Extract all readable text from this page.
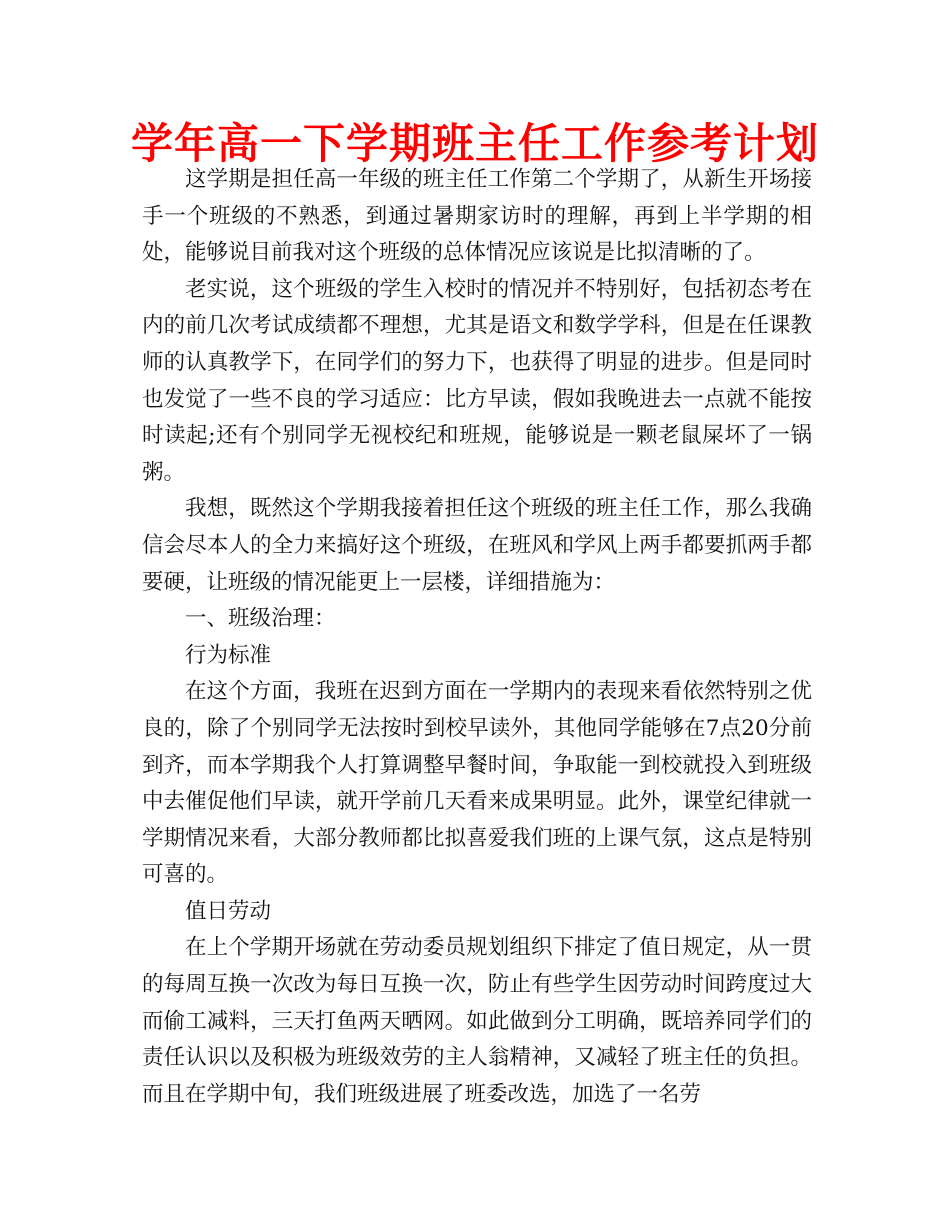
学年高一下学期班主任工作参考计划

这学期是担任高一年级的班主任工作第二个学期了，从新生开场接手一个班级的不熟悉，到通过暑期家访时的理解，再到上半学期的相处，能够说目前我对这个班级的总体情况应该说是比拟清晰的了。

老实说，这个班级的学生入校时的情况并不特别好，包括初态考在内的前几次考试成绩都不理想，尤其是语文和数学学科，但是在任课教师的认真教学下，在同学们的努力下，也获得了明显的进步。但是同时也发觉了一些不良的学习适应：比方早读，假如我晚进去一点就不能按时读起;还有个别同学无视校纪和班规，能够说是一颗老鼠屎坏了一锅粥。

我想，既然这个学期我接着担任这个班级的班主任工作，那么我确信会尽本人的全力来搞好这个班级，在班风和学风上两手都要抓两手都要硬，让班级的情况能更上一层楼，详细措施为：

一、班级治理：

行为标准

在这个方面，我班在迟到方面在一学期内的表现来看依然特别之优良的，除了个别同学无法按时到校早读外，其他同学能够在7点20分前到齐，而本学期我个人打算调整早餐时间，争取能一到校就投入到班级中去催促他们早读，就开学前几天看来成果明显。此外，课堂纪律就一学期情况来看，大部分教师都比拟喜爱我们班的上课气氛，这点是特别可喜的。

值日劳动

在上个学期开场就在劳动委员规划组织下排定了值日规定，从一贯的每周互换一次改为每日互换一次，防止有些学生因劳动时间跨度过大而偷工减料，三天打鱼两天晒网。如此做到分工明确，既培养同学们的责任认识以及积极为班级效劳的主人翁精神，又减轻了班主任的负担。而且在学期中旬，我们班级进展了班委改选，加选了一名劳
